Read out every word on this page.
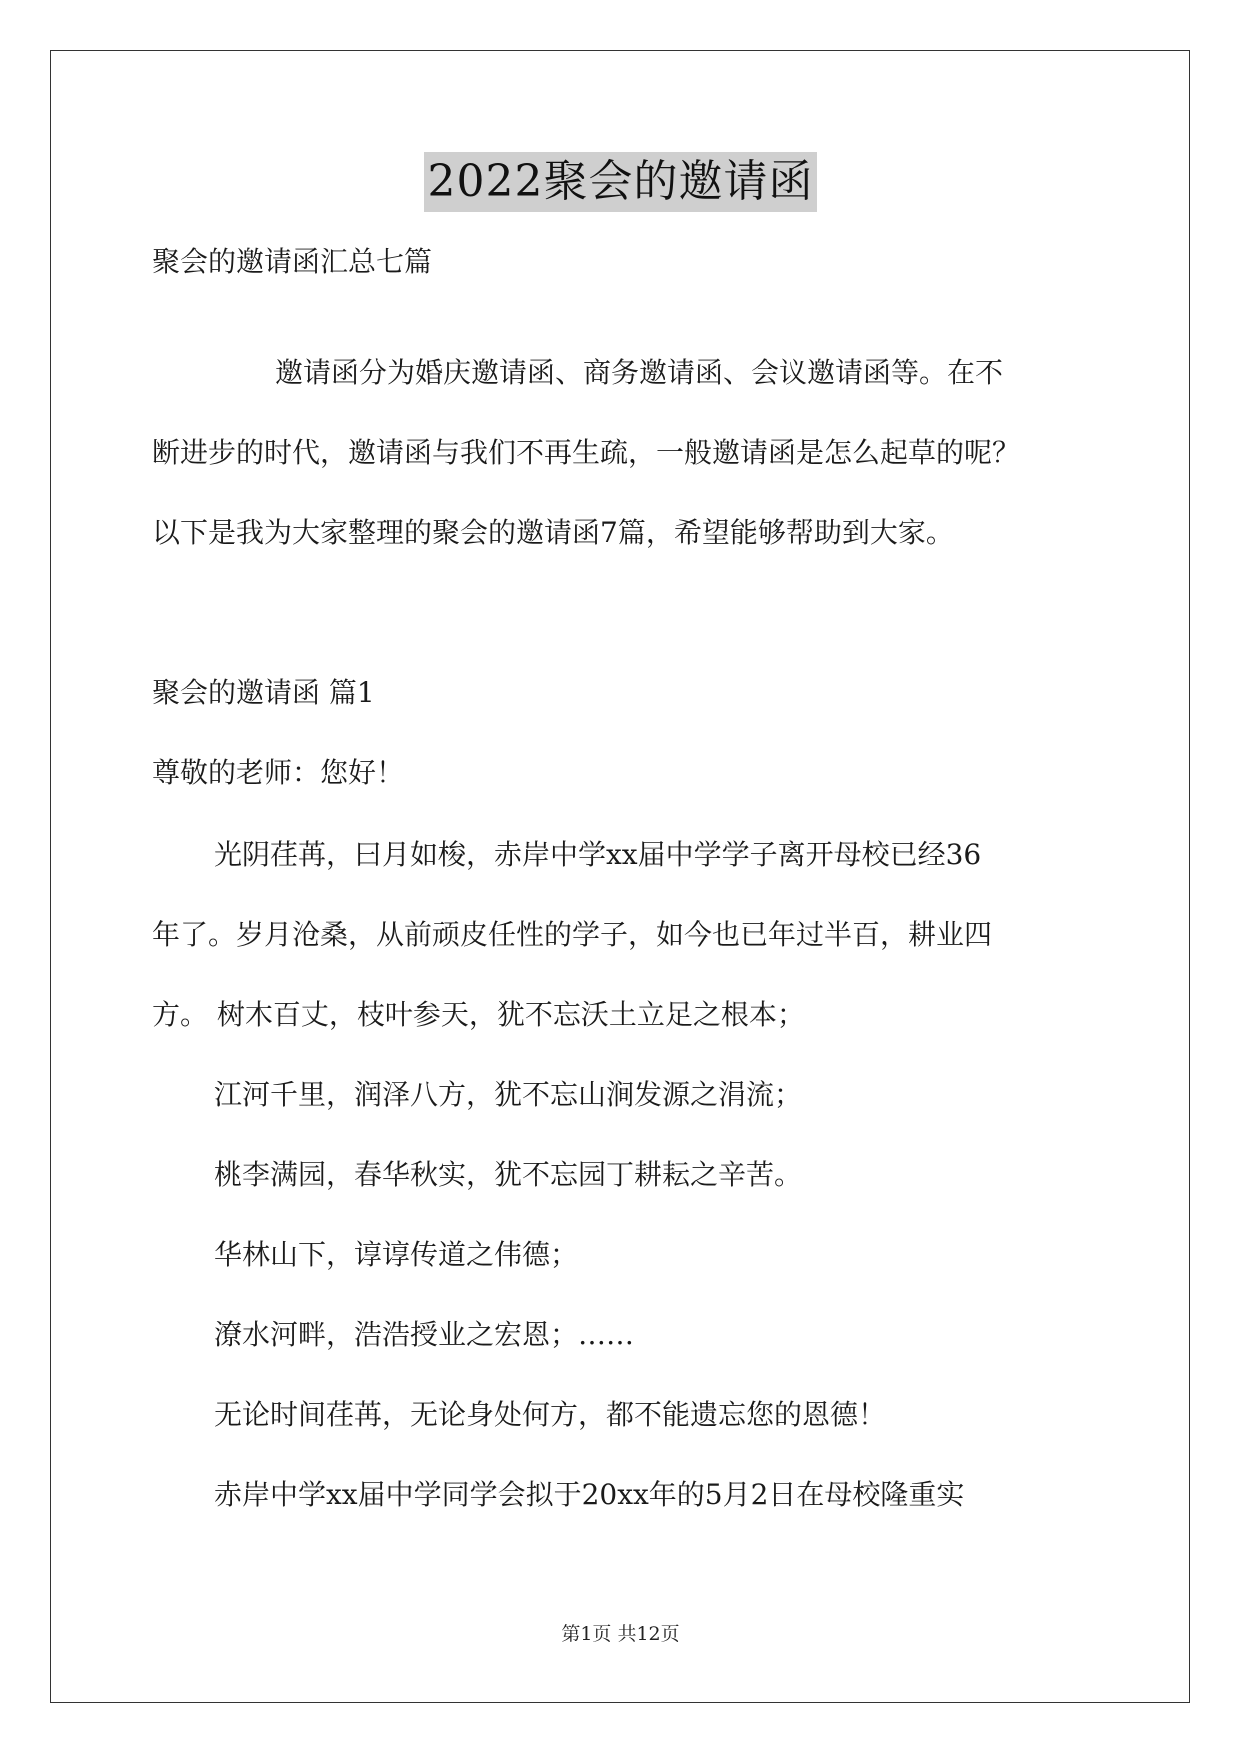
2022聚会的邀请函
聚会的邀请函汇总七篇
邀请函分为婚庆邀请函、商务邀请函、会议邀请函等。在不
断进步的时代，邀请函与我们不再生疏，一般邀请函是怎么起草的呢？
以下是我为大家整理的聚会的邀请函7篇，希望能够帮助到大家。
聚会的邀请函 篇1
尊敬的老师：您好！
光阴荏苒，曰月如梭，赤岸中学xx届中学学子离开母校已经36
年了。岁月沧桑，从前顽皮任性的学子，如今也已年过半百，耕业四
方。 树木百丈，枝叶参天，犹不忘沃土立足之根本；
江河千里，润泽八方，犹不忘山涧发源之涓流；
桃李满园，春华秋实，犹不忘园丁耕耘之辛苦。
华林山下，谆谆传道之伟德；
潦水河畔，浩浩授业之宏恩；……
无论时间荏苒，无论身处何方，都不能遗忘您的恩德！
赤岸中学xx届中学同学会拟于20xx年的5月2日在母校隆重实
第1页 共12页
